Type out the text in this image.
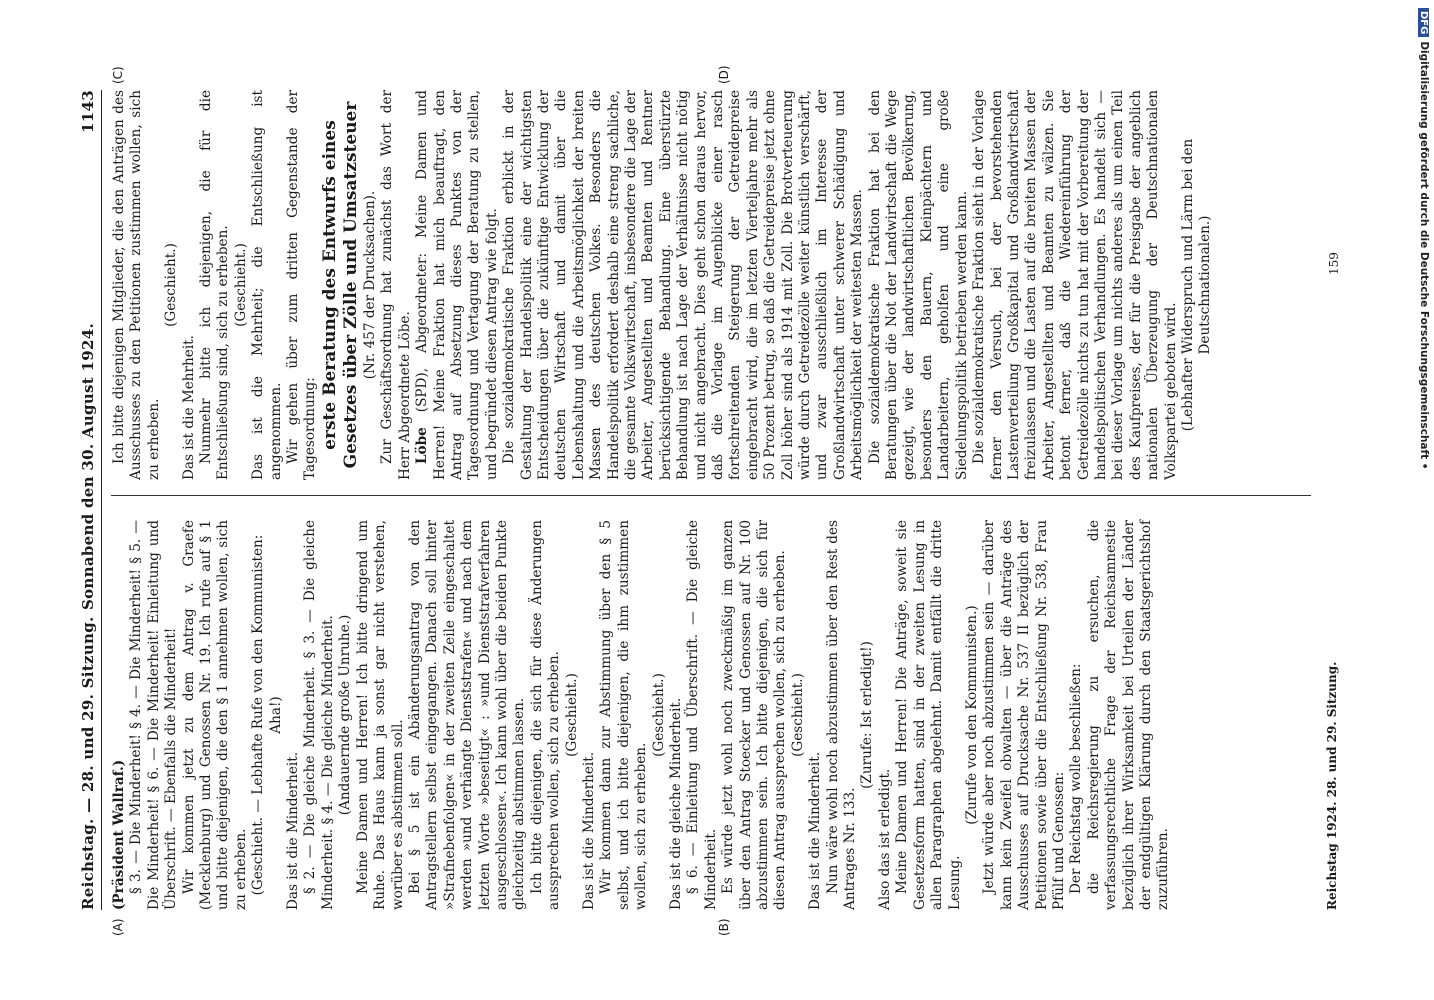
Reichstag. — 28. und 29. Sitzung.
Sonnabend den 30. August 1924.
1143
(A)	(B)
(C)	(D)

(Präsident Wallraf.) § 3. — Die Minderheit! § 4. — Die Minderheit! § 5. — Die Minderheit! § 6. — Die Minderheit! Einleitung und Überschrift. — Ebenfalls die Minderheit! Wir kommen jetzt zu dem Antrag v. Graefe (Mecklenburg) und Genossen Nr. 19. Ich rufe auf § 1 und bitte diejenigen, die den § 1 annehmen wollen, sich zu erheben. (Geschieht. — Lebhafte Rufe von den Kommunisten: Aha!)

Das ist die Minderheit. § 2. — Die gleiche Minderheit. § 3. — Die gleiche Minderheit. § 4. — Die gleiche Minderheit. (Andauernde große Unruhe.) Meine Damen und Herren! Ich bitte dringend um Ruhe. Das Haus kann ja sonst gar nicht verstehen, worüber es abstimmen soll. Bei § 5 ist ein Abänderungsantrag von den Antragstellern selbst eingegangen. Danach soll hinter »Strafnebenfolgen« in der zweiten Zeile eingeschaltet werden »und verhängte Dienststrafen« und nach dem letzten Worte »beseitigt« : »und Dienststrafverfahren ausgeschlossen«. Ich kann wohl über die beiden Punkte gleichzeitig abstimmen lassen. Ich bitte diejenigen, die sich für diese Änderungen aussprechen wollen, sich zu erheben. (Geschieht.)

Das ist die Minderheit. Wir kommen dann zur Abstimmung über den § 5 selbst, und ich bitte diejenigen, die ihm zustimmen wollen, sich zu erheben.

(Geschieht.) Das ist die gleiche Minderheit. § 6. — Einleitung und Überschrift. — Die gleiche Minderheit. Es würde jetzt wohl noch zweckmäßig im ganzen über den Antrag Stoecker und Genossen auf Nr. 100 abzustimmen sein. Ich bitte diejenigen, die sich für diesen Antrag aussprechen wollen, sich zu erheben. (Geschieht.)

Das ist die Minderheit. Nun wäre wohl noch abzustimmen über den Rest des Antrages Nr. 133.

(Zurufe: Ist erledigt!)

Also das ist erledigt. Meine Damen und Herren! Die Anträge, soweit sie Gesetzesform hatten, sind in der zweiten Lesung in allen Paragraphen abgelehnt. Damit entfällt die dritte Lesung.

(Zurufe von den Kommunisten.) Jetzt würde aber noch abzustimmen sein — darüber kann kein Zweifel obwalten — über die Anträge des Ausschusses auf Drucksache Nr. 537 II bezüglich der Petitionen sowie über die Entschließung Nr. 538, Frau Pfülf und Genossen: Der Reichstag wolle beschließen: die Reichsregierung zu ersuchen, die verfassungsrechtliche Frage der Reichsamnestie bezüglich ihrer Wirksamkeit bei Urteilen der Länder der endgültigen Klärung durch den Staatsgerichtshof zuzuführen.

Ich bitte diejenigen Mitglieder, die den Anträgen des Ausschusses zu den Petitionen zustimmen wollen, sich zu erheben.

(Geschieht.)

Das ist die Mehrheit. Nunmehr bitte ich diejenigen, die für die Entschließung sind, sich zu erheben. (Geschieht.) Das ist die Mehrheit; die Entschließung ist angenommen. Wir gehen über zum dritten Gegenstande der Tagesordnung: erste Beratung des Entwurfs eines Gesetzes über Zölle und Umsatzsteuer (Nr. 457 der Drucksachen). Zur Geschäftsordnung hat zunächst das Wort der Herr Abgeordnete Löbe. Löbe (SPD), Abgeordneter: Meine Damen und Herren! Meine Fraktion hat mich beauftragt, den Antrag auf Absetzung dieses Punktes von der Tagesordnung und Vertagung der Beratung zu stellen, und begründet diesen Antrag wie folgt. Die sozialdemokratische Fraktion erblickt in der Gestaltung der Handelspolitik eine der wichtigsten Entscheidungen über die zukünftige Entwicklung der deutschen Wirtschaft und damit über die Lebenshaltung und die Arbeitsmöglichkeit der breiten Massen des deutschen Volkes. Besonders die Handelspolitik erfordert deshalb eine streng sachliche, die gesamte Volkswirtschaft, insbesondere die Lage der Arbeiter, Angestellten und Beamten und Rentner berücksichtigende Behandlung. Eine überstürzte Behandlung ist nach Lage der Verhältnisse nicht nötig und nicht angebracht. Dies geht schon daraus hervor, daß die Vorlage im Augenblicke einer rasch fortschreitenden Steigerung der Getreidepreise eingebracht wird, die im letzten Vierteljahre mehr als 50 Prozent betrug, so daß die Getreidepreise jetzt ohne Zoll höher sind als 1914 mit Zoll. Die Brotverteuerung würde durch Getreidezölle weiter künstlich verschärft, und zwar ausschließlich im Interesse der Großlandwirtschaft unter schwerer Schädigung und Arbeitsmöglichkeit der weitesten Massen. Die sozialdemokratische Fraktion hat bei den Beratungen über die Not der Landwirtschaft die Wege gezeigt, wie der landwirtschaftlichen Bevölkerung, besonders den Bauern, Kleinpächtern und Landarbeitern, geholfen und eine große Siedelungspolitik betrieben werden kann. Die sozialdemokratische Fraktion sieht in der Vorlage ferner den Versuch, bei der bevorstehenden Lastenverteilung Großkapital und Großlandwirtschaft freizulassen und die Lasten auf die breiten Massen der Arbeiter, Angestellten und Beamten zu wälzen. Sie betont ferner, daß die Wiedereinführung der Getreidezölle nichts zu tun hat mit der Vorbereitung der handelspolitischen Verhandlungen. Es handelt sich — bei dieser Vorlage um nichts anderes als um einen Teil des Kaufpreises, der für die Preisgabe der angeblich nationalen Überzeugung der Deutschnationalen Volkspartei geboten wird. (Lebhafter Widerspruch und Lärm bei den Deutschnationalen.)

Reichstag 1924. 28. und 29. Sitzung.
159
DFGDigitalisierung gefördert durch die Deutsche Forschungsgemeinschaft •
